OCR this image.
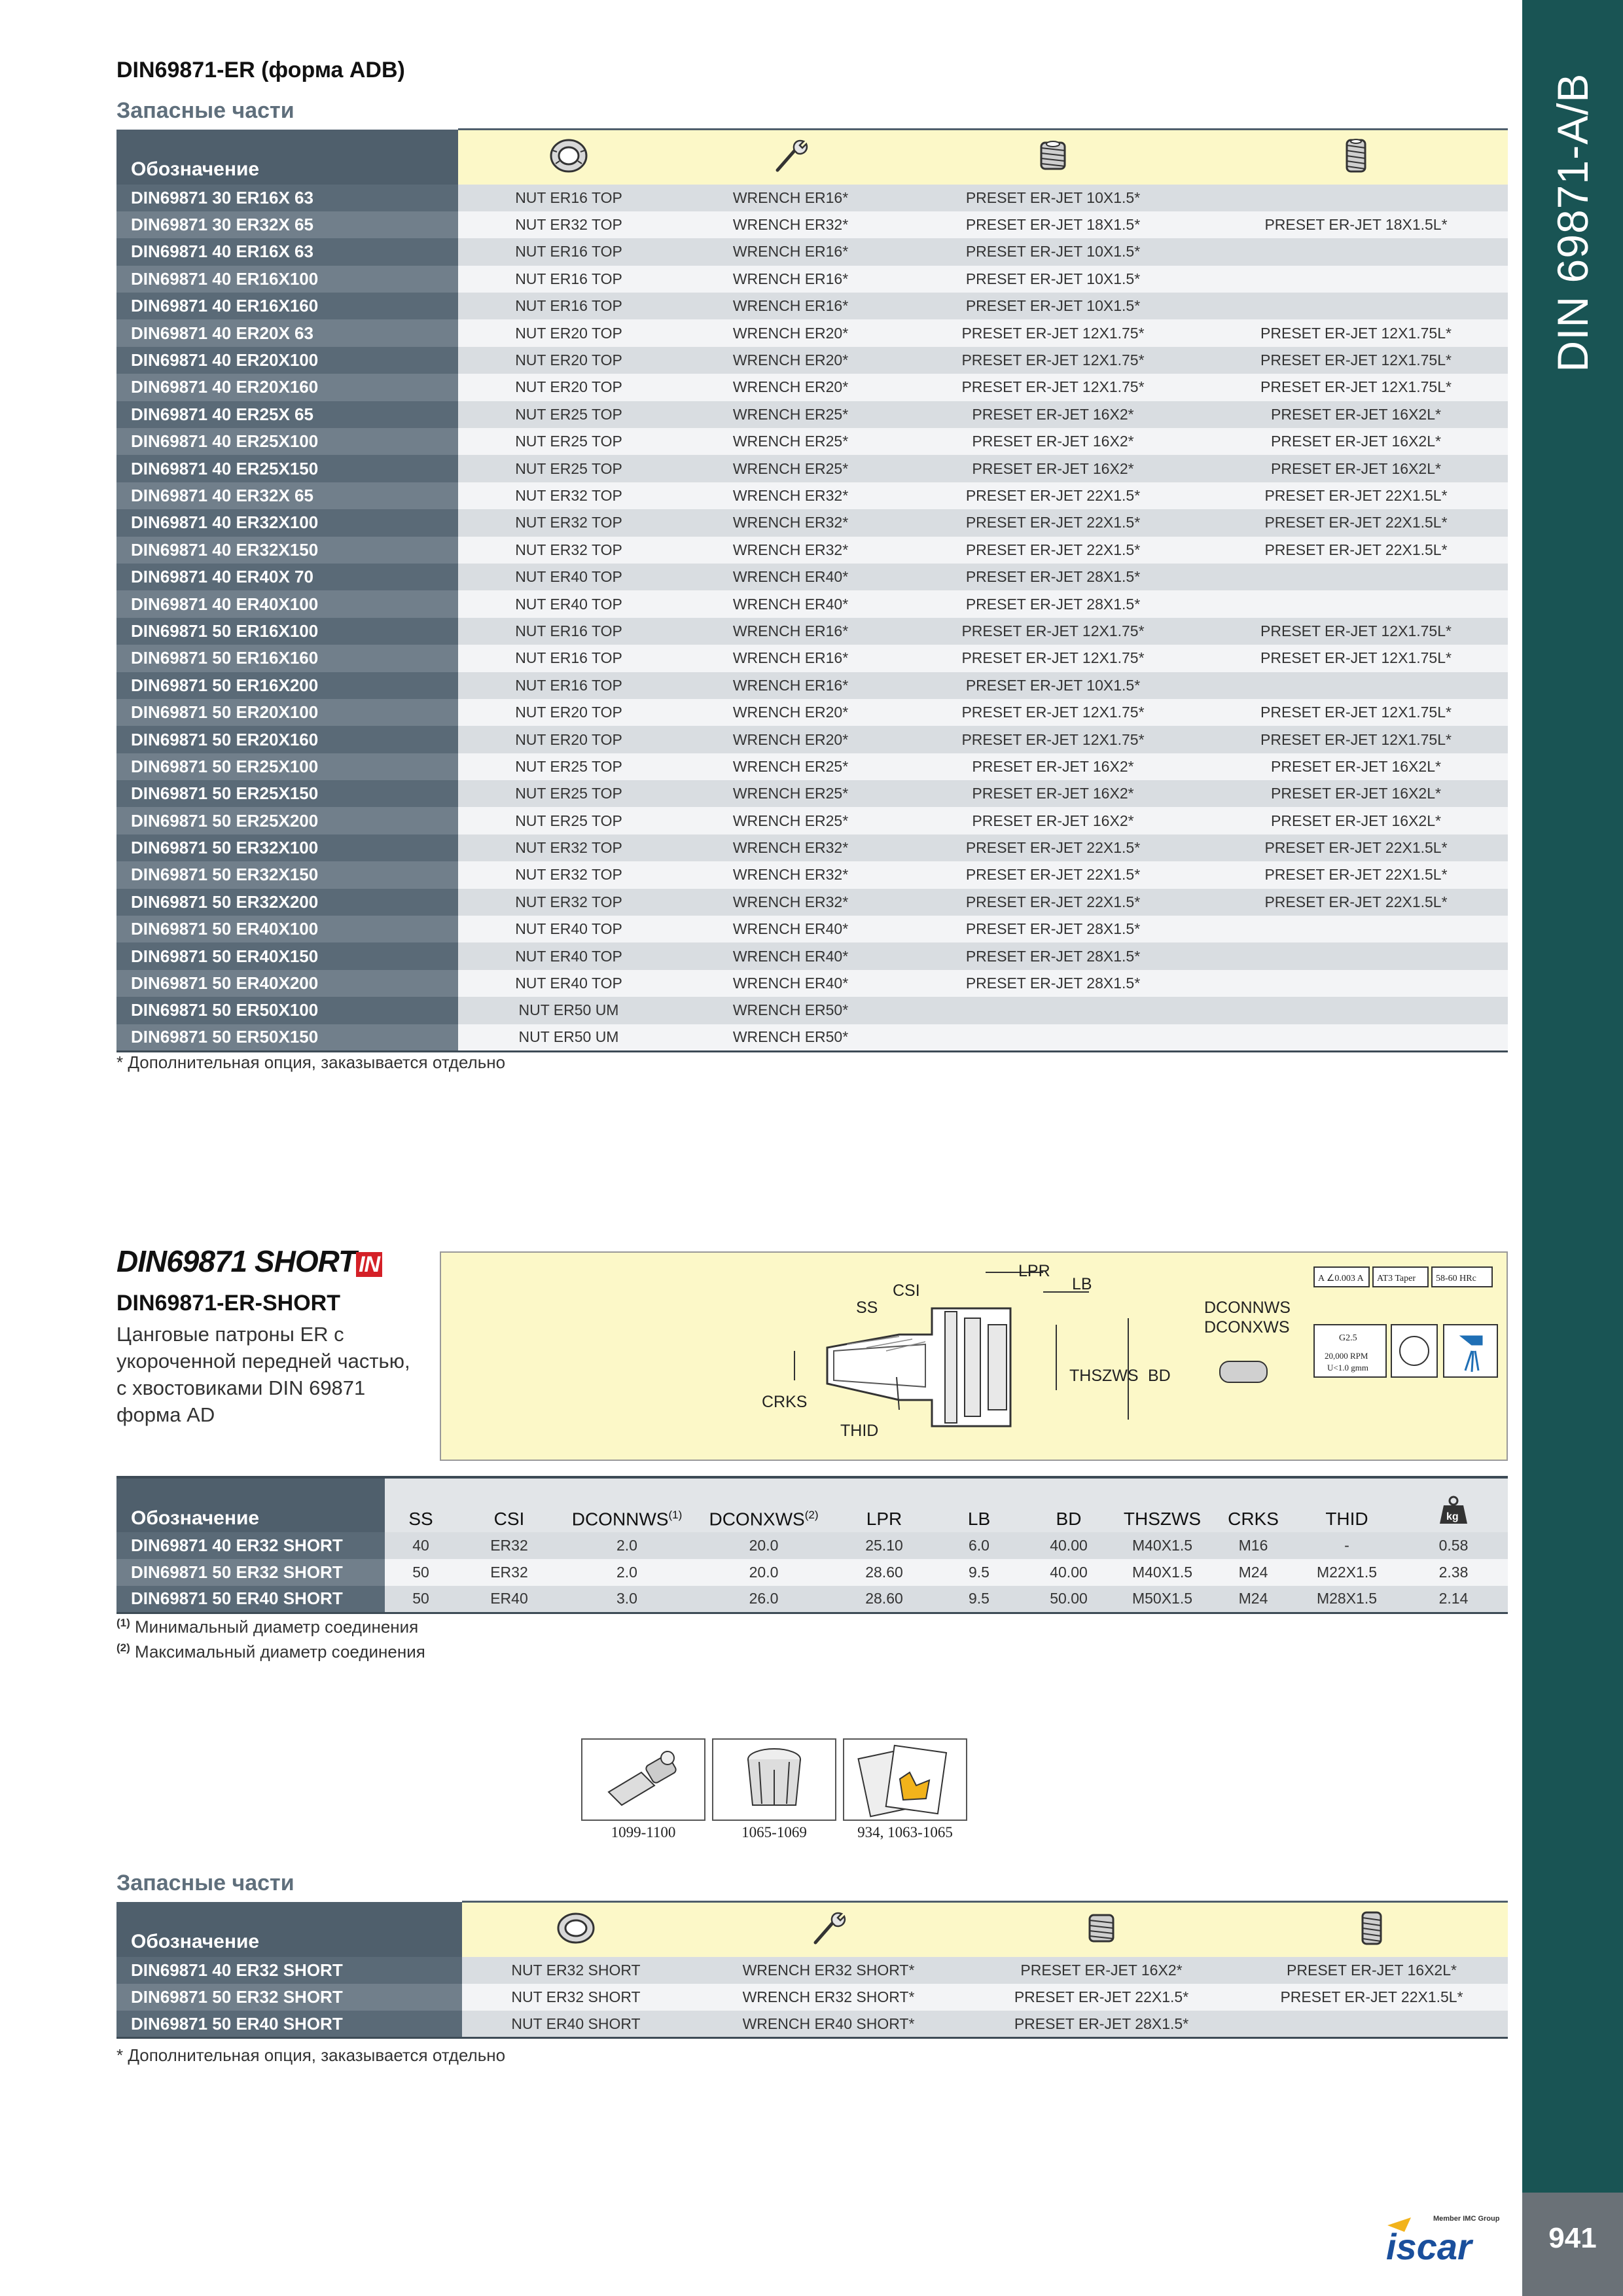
DIN 69871-A/B
941
DIN69871-ER (форма ADB)
Запасные части
Обозначение				
DIN69871 30 ER16X 63	NUT ER16 TOP	WRENCH ER16*	PRESET ER-JET 10X1.5*	
DIN69871 30 ER32X 65	NUT ER32 TOP	WRENCH ER32*	PRESET ER-JET 18X1.5*	PRESET ER-JET 18X1.5L*
DIN69871 40 ER16X 63	NUT ER16 TOP	WRENCH ER16*	PRESET ER-JET 10X1.5*	
DIN69871 40 ER16X100	NUT ER16 TOP	WRENCH ER16*	PRESET ER-JET 10X1.5*	
DIN69871 40 ER16X160	NUT ER16 TOP	WRENCH ER16*	PRESET ER-JET 10X1.5*	
DIN69871 40 ER20X 63	NUT ER20 TOP	WRENCH ER20*	PRESET ER-JET 12X1.75*	PRESET ER-JET 12X1.75L*
DIN69871 40 ER20X100	NUT ER20 TOP	WRENCH ER20*	PRESET ER-JET 12X1.75*	PRESET ER-JET 12X1.75L*
DIN69871 40 ER20X160	NUT ER20 TOP	WRENCH ER20*	PRESET ER-JET 12X1.75*	PRESET ER-JET 12X1.75L*
DIN69871 40 ER25X 65	NUT ER25 TOP	WRENCH ER25*	PRESET ER-JET 16X2*	PRESET ER-JET 16X2L*
DIN69871 40 ER25X100	NUT ER25 TOP	WRENCH ER25*	PRESET ER-JET 16X2*	PRESET ER-JET 16X2L*
DIN69871 40 ER25X150	NUT ER25 TOP	WRENCH ER25*	PRESET ER-JET 16X2*	PRESET ER-JET 16X2L*
DIN69871 40 ER32X 65	NUT ER32 TOP	WRENCH ER32*	PRESET ER-JET 22X1.5*	PRESET ER-JET 22X1.5L*
DIN69871 40 ER32X100	NUT ER32 TOP	WRENCH ER32*	PRESET ER-JET 22X1.5*	PRESET ER-JET 22X1.5L*
DIN69871 40 ER32X150	NUT ER32 TOP	WRENCH ER32*	PRESET ER-JET 22X1.5*	PRESET ER-JET 22X1.5L*
DIN69871 40 ER40X 70	NUT ER40 TOP	WRENCH ER40*	PRESET ER-JET 28X1.5*	
DIN69871 40 ER40X100	NUT ER40 TOP	WRENCH ER40*	PRESET ER-JET 28X1.5*	
DIN69871 50 ER16X100	NUT ER16 TOP	WRENCH ER16*	PRESET ER-JET 12X1.75*	PRESET ER-JET 12X1.75L*
DIN69871 50 ER16X160	NUT ER16 TOP	WRENCH ER16*	PRESET ER-JET 12X1.75*	PRESET ER-JET 12X1.75L*
DIN69871 50 ER16X200	NUT ER16 TOP	WRENCH ER16*	PRESET ER-JET 10X1.5*	
DIN69871 50 ER20X100	NUT ER20 TOP	WRENCH ER20*	PRESET ER-JET 12X1.75*	PRESET ER-JET 12X1.75L*
DIN69871 50 ER20X160	NUT ER20 TOP	WRENCH ER20*	PRESET ER-JET 12X1.75*	PRESET ER-JET 12X1.75L*
DIN69871 50 ER25X100	NUT ER25 TOP	WRENCH ER25*	PRESET ER-JET 16X2*	PRESET ER-JET 16X2L*
DIN69871 50 ER25X150	NUT ER25 TOP	WRENCH ER25*	PRESET ER-JET 16X2*	PRESET ER-JET 16X2L*
DIN69871 50 ER25X200	NUT ER25 TOP	WRENCH ER25*	PRESET ER-JET 16X2*	PRESET ER-JET 16X2L*
DIN69871 50 ER32X100	NUT ER32 TOP	WRENCH ER32*	PRESET ER-JET 22X1.5*	PRESET ER-JET 22X1.5L*
DIN69871 50 ER32X150	NUT ER32 TOP	WRENCH ER32*	PRESET ER-JET 22X1.5*	PRESET ER-JET 22X1.5L*
DIN69871 50 ER32X200	NUT ER32 TOP	WRENCH ER32*	PRESET ER-JET 22X1.5*	PRESET ER-JET 22X1.5L*
DIN69871 50 ER40X100	NUT ER40 TOP	WRENCH ER40*	PRESET ER-JET 28X1.5*	
DIN69871 50 ER40X150	NUT ER40 TOP	WRENCH ER40*	PRESET ER-JET 28X1.5*	
DIN69871 50 ER40X200	NUT ER40 TOP	WRENCH ER40*	PRESET ER-JET 28X1.5*	
DIN69871 50 ER50X100	NUT ER50 UM	WRENCH ER50*		
DIN69871 50 ER50X150	NUT ER50 UM	WRENCH ER50*		
* Дополнительная опция, заказывается отдельно
DIN69871 SHORT IN
DIN69871-ER-SHORT
Цанговые патроны ER с укороченной передней частью, с хвостовиками DIN 69871 форма AD
LPR
LB
CSI
SS	DCONNWS
DCONXWS
THSZWS BD
CRKS
THID
A ∠0.003 A AT3 Taper 58-60 HRc
G2.5
20,000 RPM
U<1.0 gmm
Обозначение	SS	CSI	DCONNWS$^{(1)}$	DCONXWS$^{(2)}$	LPR	LB	BD	THSZWS	CRKS	THID	kg

DIN69871 40 ER32 SHORT	40	ER32	2.0	20.0	25.10	6.0	40.00	M40X1.5	M16	-	0.58
DIN69871 50 ER32 SHORT	50	ER32	2.0	20.0	28.60	9.5	40.00	M40X1.5	M24	M22X1.5	2.38
DIN69871 50 ER40 SHORT	50	ER40	3.0	26.0	28.60	9.5	50.00	M50X1.5	M24	M28X1.5	2.14
$^{(1)}$ Минимальный диаметр соединения
$^{(2)}$ Максимальный диаметр соединения
1099-1100	1065-1069	934, 1063-1065
Запасные части
Обозначение				
DIN69871 40 ER32 SHORT	NUT ER32 SHORT	WRENCH ER32 SHORT*	PRESET ER-JET 16X2*	PRESET ER-JET 16X2L*
DIN69871 50 ER32 SHORT	NUT ER32 SHORT	WRENCH ER32 SHORT*	PRESET ER-JET 22X1.5*	PRESET ER-JET 22X1.5L*
DIN69871 50 ER40 SHORT	NUT ER40 SHORT	WRENCH ER40 SHORT*	PRESET ER-JET 28X1.5*	
* Дополнительная опция, заказывается отдельно
Member IMC Group
iscar
